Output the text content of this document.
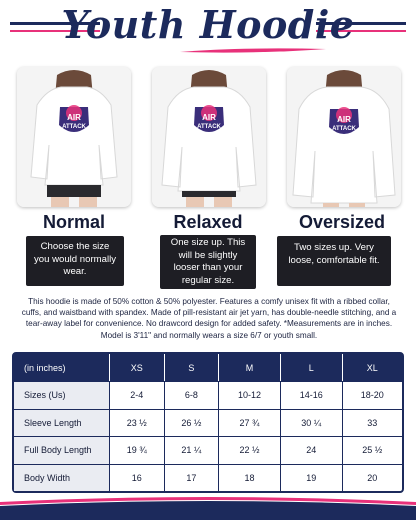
Youth Hoodie
AIR
ATTACK
AIR
ATTACK
AIR
ATTACK
Normal	Relaxed	Oversized
Choose the size you would normally wear.
One size up. This will be slightly looser than your regular size.
Two sizes up. Very loose, comfortable fit.
This hoodie is made of 50% cotton & 50% polyester. Features a comfy unisex fit with a ribbed collar, cuffs, and waistband with spandex. Made of pill-resistant air jet yarn, has double-needle stitching, and a tear-away label for convenience. No drawcord design for added safety. *Measurements are in inches. Model is 3'11" and normally wears a size 6/7 or youth small.
(in inches)	XS	S	M	L	XL
Sizes (Us)	2-4	6-8	10-12	14-16	18-20
Sleeve Length	23 ½	26 ½	27 ¾	30 ¼	33
Full Body Length	19 ¾	21 ¼	22 ½	24	25 ½
Body Width	16	17	18	19	20
